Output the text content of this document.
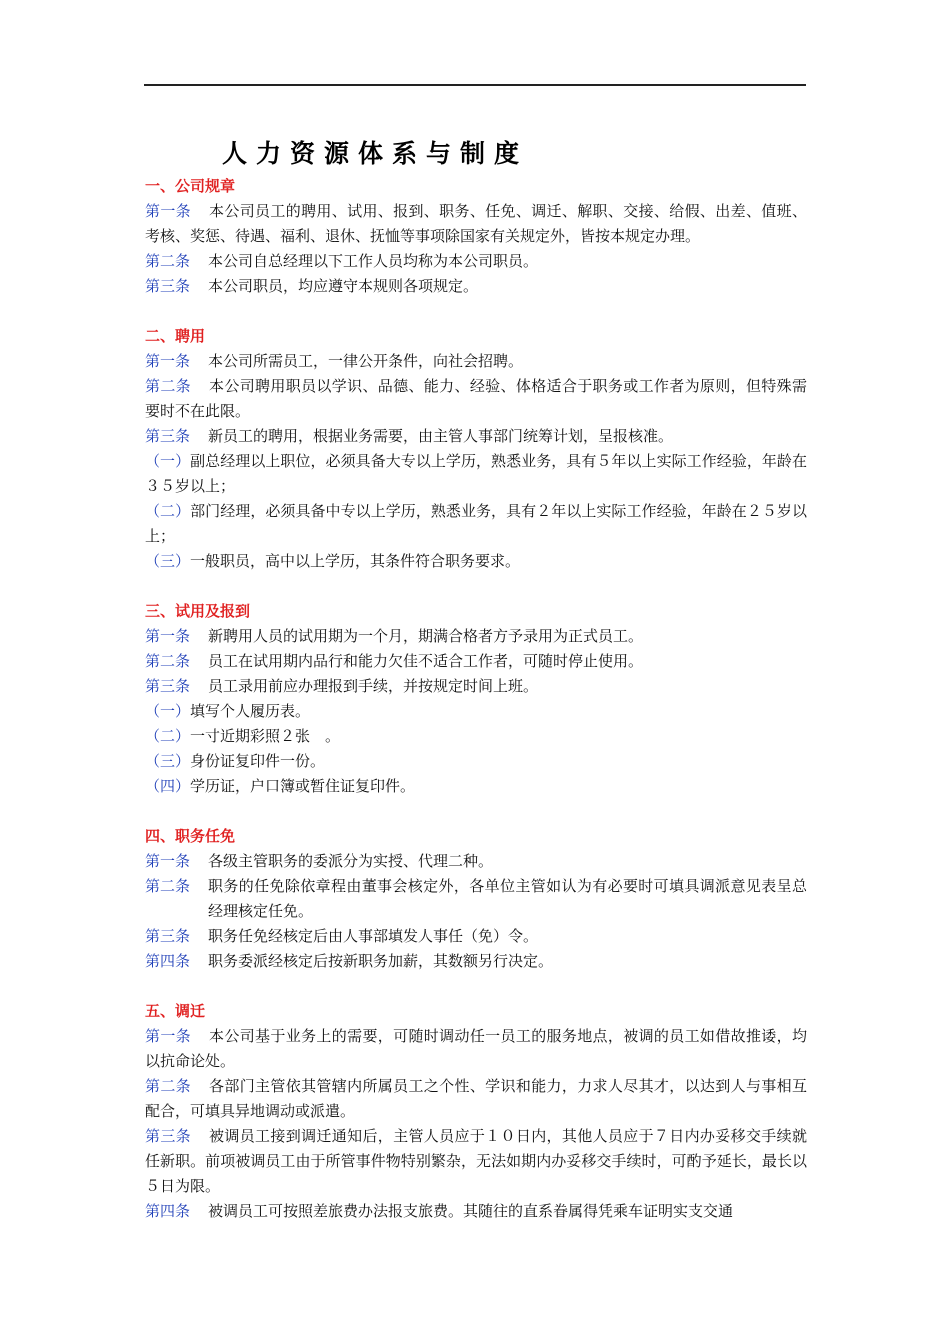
人力资源体系与制度
一、公司规章
第一条 本公司员工的聘用、试用、报到、职务、任免、调迁、解职、交接、给假、出差、值班、考核、奖惩、待遇、福利、退休、抚恤等事项除国家有关规定外，皆按本规定办理。
第二条 本公司自总经理以下工作人员均称为本公司职员。
第三条 本公司职员，均应遵守本规则各项规定。
二、聘用
第一条 本公司所需员工，一律公开条件，向社会招聘。
第二条 本公司聘用职员以学识、品德、能力、经验、体格适合于职务或工作者为原则，但特殊需要时不在此限。
第三条 新员工的聘用，根据业务需要，由主管人事部门统筹计划，呈报核准。
（一）副总经理以上职位，必须具备大专以上学历，熟悉业务，具有５年以上实际工作经验，年龄在３５岁以上；
（二）部门经理，必须具备中专以上学历，熟悉业务，具有２年以上实际工作经验，年龄在２５岁以上；
（三）一般职员，高中以上学历，其条件符合职务要求。
三、试用及报到
第一条 新聘用人员的试用期为一个月，期满合格者方予录用为正式员工。
第二条 员工在试用期内品行和能力欠佳不适合工作者，可随时停止使用。
第三条 员工录用前应办理报到手续，并按规定时间上班。
（一）填写个人履历表。
（二）一寸近期彩照２张　。
（三）身份证复印件一份。
（四）学历证，户口簿或暂住证复印件。
四、职务任免
第一条 各级主管职务的委派分为实授、代理二种。
第二条 职务的任免除依章程由董事会核定外，各单位主管如认为有必要时可填具调派意见表呈总经理核定任免。
第三条 职务任免经核定后由人事部填发人事任（免）令。
第四条 职务委派经核定后按新职务加薪，其数额另行决定。
五、调迁
第一条 本公司基于业务上的需要，可随时调动任一员工的服务地点，被调的员工如借故推诿，均以抗命论处。
第二条 各部门主管依其管辖内所属员工之个性、学识和能力，力求人尽其才，以达到人与事相互配合，可填具异地调动或派遣。
第三条 被调员工接到调迁通知后，主管人员应于１０日内，其他人员应于７日内办妥移交手续就任新职。前项被调员工由于所管事件物特别繁杂，无法如期内办妥移交手续时，可酌予延长，最长以５日为限。
第四条 被调员工可按照差旅费办法报支旅费。其随往的直系眷属得凭乘车证明实支交通
